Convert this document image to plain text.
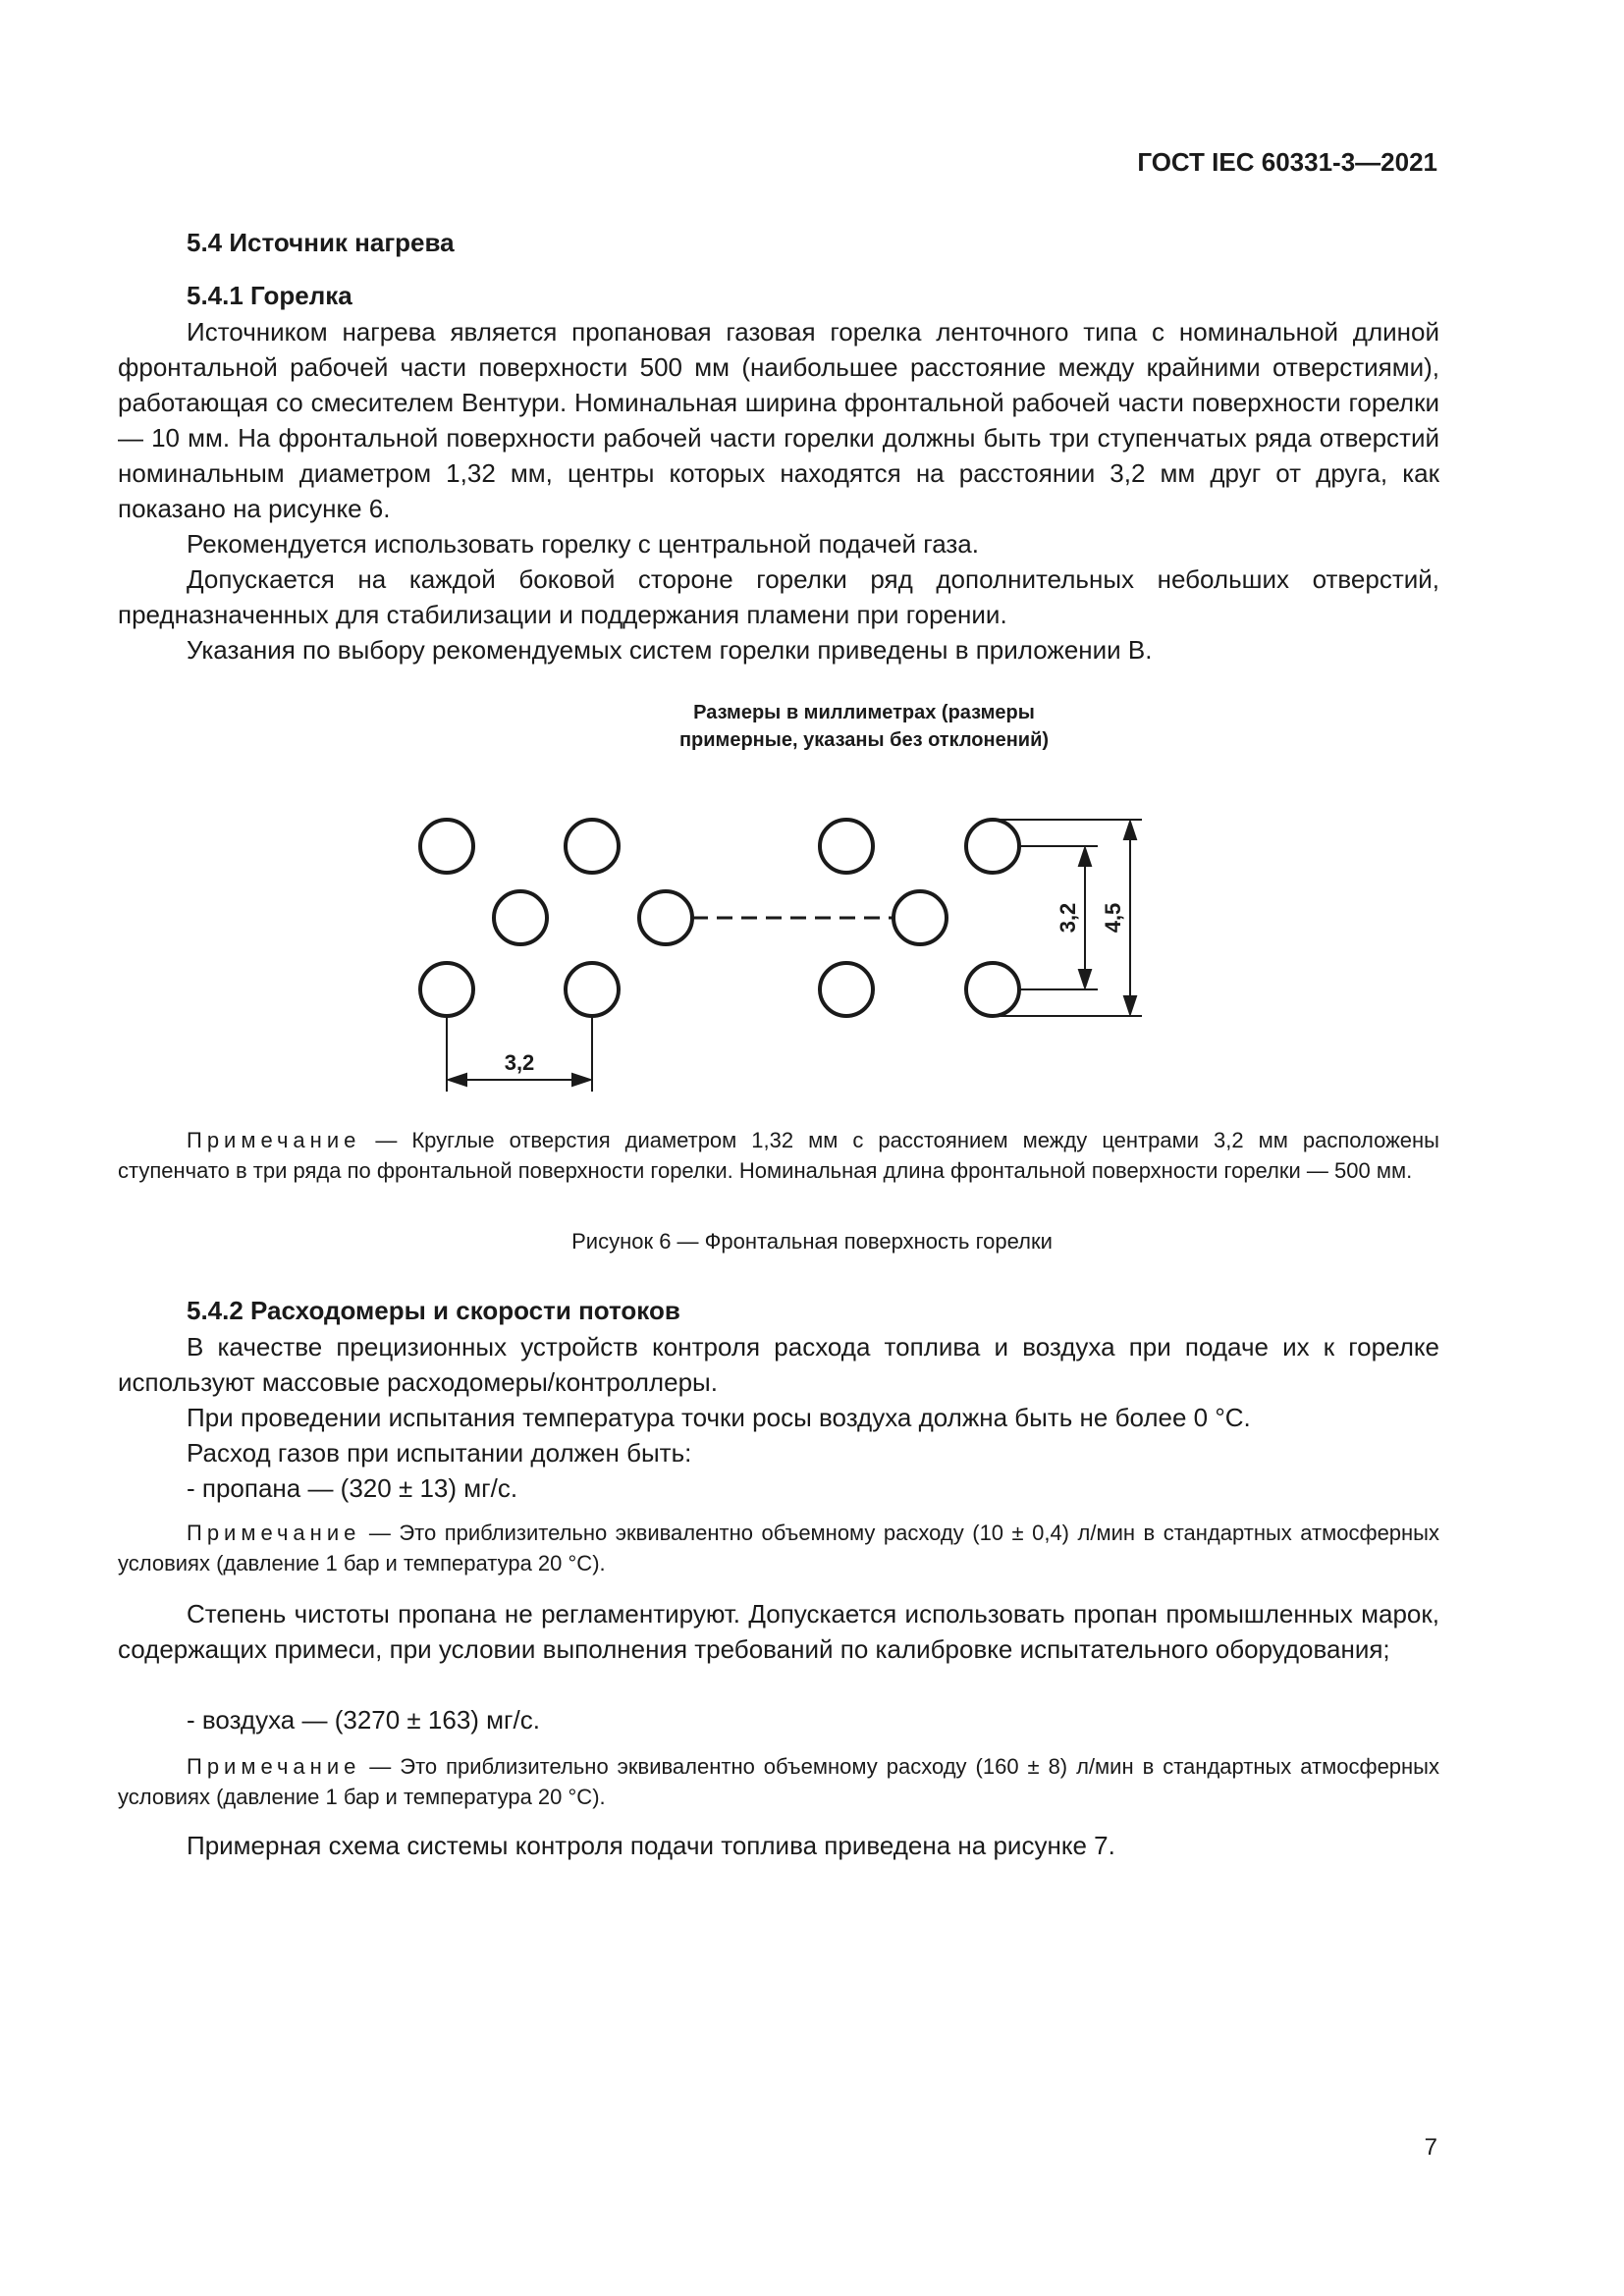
ГОСТ IEC 60331-3—2021
5.4 Источник нагрева
5.4.1 Горелка
Источником нагрева является пропановая газовая горелка ленточного типа с номинальной длиной фронтальной рабочей части поверхности 500 мм (наибольшее расстояние между крайними отверстиями), работающая со смесителем Вентури. Номинальная ширина фронтальной рабочей части поверхности горелки — 10 мм. На фронтальной поверхности рабочей части горелки должны быть три ступенчатых ряда отверстий номинальным диаметром 1,32 мм, центры которых находятся на расстоянии 3,2 мм друг от друга, как показано на рисунке 6.
Рекомендуется использовать горелку с центральной подачей газа.
Допускается на каждой боковой стороне горелки ряд дополнительных небольших отверстий, предназначенных для стабилизации и поддержания пламени при горении.
Указания по выбору рекомендуемых систем горелки приведены в приложении В.
Размеры в миллиметрах (размеры
примерные, указаны без отклонений)
3,2
3,2 4,5
Примечание — Круглые отверстия диаметром 1,32 мм с расстоянием между центрами 3,2 мм расположены ступенчато в три ряда по фронтальной поверхности горелки. Номинальная длина фронтальной поверхности горелки — 500 мм.
Рисунок 6 — Фронтальная поверхность горелки
5.4.2 Расходомеры и скорости потоков
В качестве прецизионных устройств контроля расхода топлива и воздуха при подаче их к горелке используют массовые расходомеры/контроллеры.
При проведении испытания температура точки росы воздуха должна быть не более 0 °С.
Расход газов при испытании должен быть:
- пропана — (320 ± 13) мг/с.
Примечание — Это приблизительно эквивалентно объемному расходу (10 ± 0,4) л/мин в стандартных атмосферных условиях (давление 1 бар и температура 20 °С).
Степень чистоты пропана не регламентируют. Допускается использовать пропан промышленных марок, содержащих примеси, при условии выполнения требований по калибровке испытательного оборудования;
- воздуха — (3270 ± 163) мг/с.
Примечание — Это приблизительно эквивалентно объемному расходу (160 ± 8) л/мин в стандартных атмосферных условиях (давление 1 бар и температура 20 °С).
Примерная схема системы контроля подачи топлива приведена на рисунке 7.
7
